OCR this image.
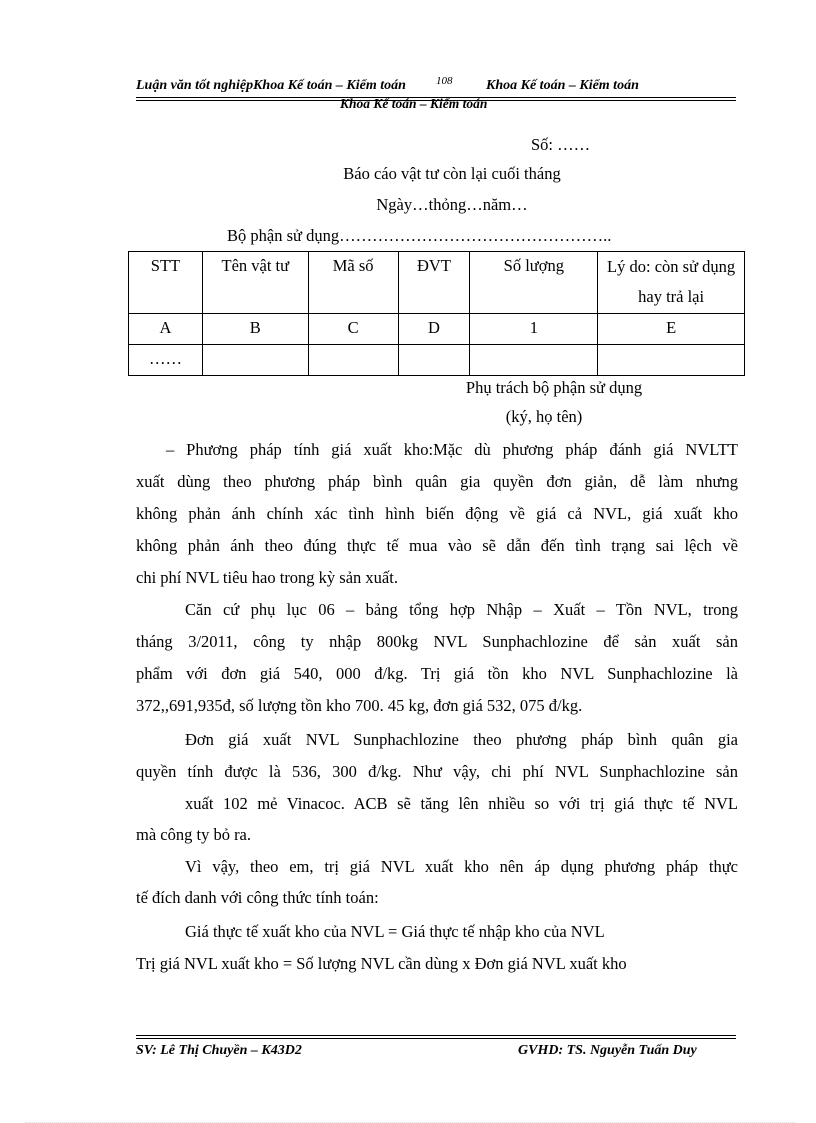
Luận văn tốt nghiệpKhoa Kế toán – Kiểm toán	Khoa Kế toán – Kiểm toán
108
Khoa Kế toán – Kiểm toán
Số: ……
Báo cáo vật tư còn lại cuối tháng
Ngày…thỏng…năm…
Bộ phận sử dụng…………………………………………..
STT	Tên vật tư	Mã số	ĐVT	Số lượng	Lý do: còn sử dụng
hay trả lại

A	B	C	D	1	E
……					
Phụ trách bộ phận sử dụng
(ký, họ tên)
– Phương pháp tính giá xuất kho:Mặc dù phương pháp đánh giá NVLTT
xuất dùng theo phương pháp bình quân gia quyền đơn giản, dễ làm nhưng
không phản ánh chính xác tình hình biến động về giá cả NVL, giá xuất kho
không phản ánh theo đúng thực tế mua vào sẽ dẫn đến tình trạng sai lệch về
chi phí NVL tiêu hao trong kỳ sản xuất.
Căn cứ phụ lục 06 – bảng tổng hợp Nhập – Xuất – Tồn NVL, trong
tháng 3/2011, công ty nhập 800kg NVL Sunphachlozine để sản xuất sản
phẩm với đơn giá 540, 000 đ/kg. Trị giá tồn kho NVL Sunphachlozine là
372,,691,935đ, số lượng tồn kho 700. 45 kg, đơn giá 532, 075 đ/kg.
Đơn giá xuất NVL Sunphachlozine theo phương pháp bình quân gia
quyền tính được là 536, 300 đ/kg. Như vậy, chi phí NVL Sunphachlozine sản
xuất 102 mẻ Vinacoc. ACB sẽ tăng lên nhiều so với trị giá thực tế NVL
mà công ty bỏ ra.
Vì vậy, theo em, trị giá NVL xuất kho nên áp dụng phương pháp thực
tế đích danh với công thức tính toán:
Giá thực tế xuất kho của NVL = Giá thực tế nhập kho của NVL
Trị giá NVL xuất kho = Số lượng NVL cần dùng x Đơn giá NVL xuất kho
SV: Lê Thị Chuyền – K43D2	GVHD: TS. Nguyễn Tuấn Duy
